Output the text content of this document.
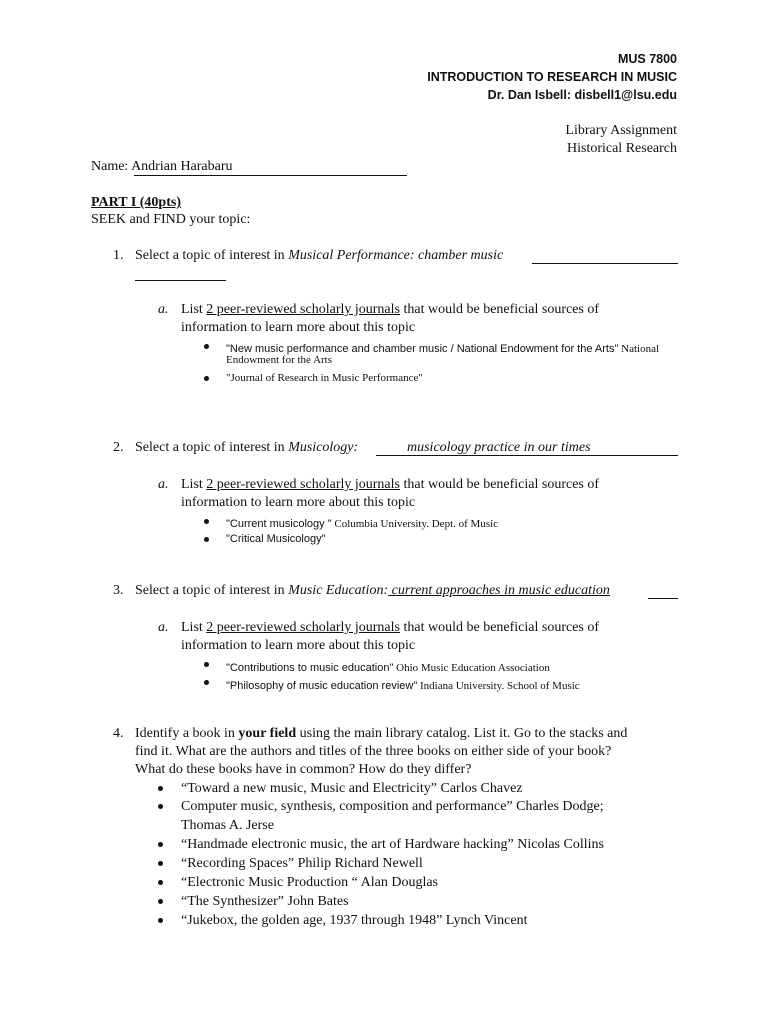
MUS 7800
INTRODUCTION TO RESEARCH IN MUSIC
Dr. Dan Isbell: disbell1@lsu.edu
Library Assignment
Historical Research
Name: Andrian Harabaru
PART I (40pts)
SEEK and FIND your topic:
1. Select a topic of interest in Musical Performance: chamber music
a. List 2 peer-reviewed scholarly journals that would be beneficial sources of
information to learn more about this topic
"New music performance and chamber music / National Endowment for the Arts" National
Endowment for the Arts
"Journal of Research in Music Performance"
2. Select a topic of interest in Musicology:	musicology practice in our times
a. List 2 peer-reviewed scholarly journals that would be beneficial sources of
information to learn more about this topic
"Current musicology " Columbia University. Dept. of Music
"Critical Musicology"
3. Select a topic of interest in Music Education: current approaches in music education
a. List 2 peer-reviewed scholarly journals that would be beneficial sources of
information to learn more about this topic
"Contributions to music education" Ohio Music Education Association
"Philosophy of music education review" Indiana University. School of Music
4. Identify a book in your field using the main library catalog. List it. Go to the stacks and
find it. What are the authors and titles of the three books on either side of your book?
What do these books have in common? How do they differ?
“Toward a new music, Music and Electricity” Carlos Chavez
Computer music, synthesis, composition and performance” Charles Dodge;
Thomas A. Jerse
“Handmade electronic music, the art of Hardware hacking” Nicolas Collins
“Recording Spaces” Philip Richard Newell
“Electronic Music Production “ Alan Douglas
“The Synthesizer” John Bates
“Jukebox, the golden age, 1937 through 1948” Lynch Vincent
